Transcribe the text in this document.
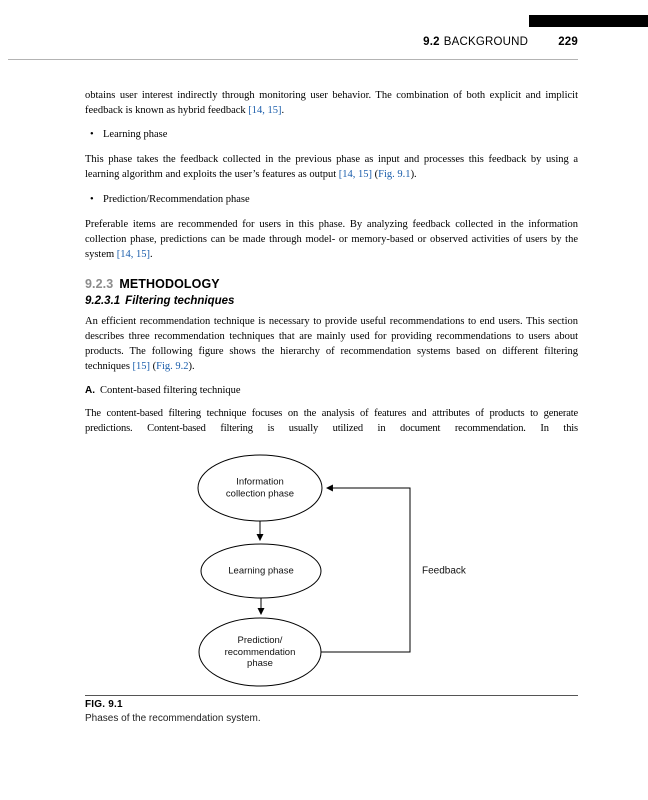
9.2 BACKGROUND	229

obtains user interest indirectly through monitoring user behavior. The combination of both explicit and implicit feedback is known as hybrid feedback [14, 15].

• Learning phase

This phase takes the feedback collected in the previous phase as input and processes this feedback by using a learning algorithm and exploits the user’s features as output [14, 15] (Fig. 9.1).

• Prediction/Recommendation phase

Preferable items are recommended for users in this phase. By analyzing feedback collected in the information collection phase, predictions can be made through model- or memory-based or observed activities of users by the system [14, 15].

9.2.3 METHODOLOGY
9.2.3.1 Filtering techniques

An efficient recommendation technique is necessary to provide useful recommendations to end users. This section describes three recommendation techniques that are mainly used for providing recommendations to users about products. The following figure shows the hierarchy of recommendation systems based on different filtering techniques [15] (Fig. 9.2).

A. Content-based filtering technique

The content-based filtering technique focuses on the analysis of features and attributes of products to generate predictions. Content-based filtering is usually utilized in document recommendation. In this

Information collection phase
Learning phase
Prediction/ recommendation phase
Feedback
FIG. 9.1
Phases of the recommendation system.
